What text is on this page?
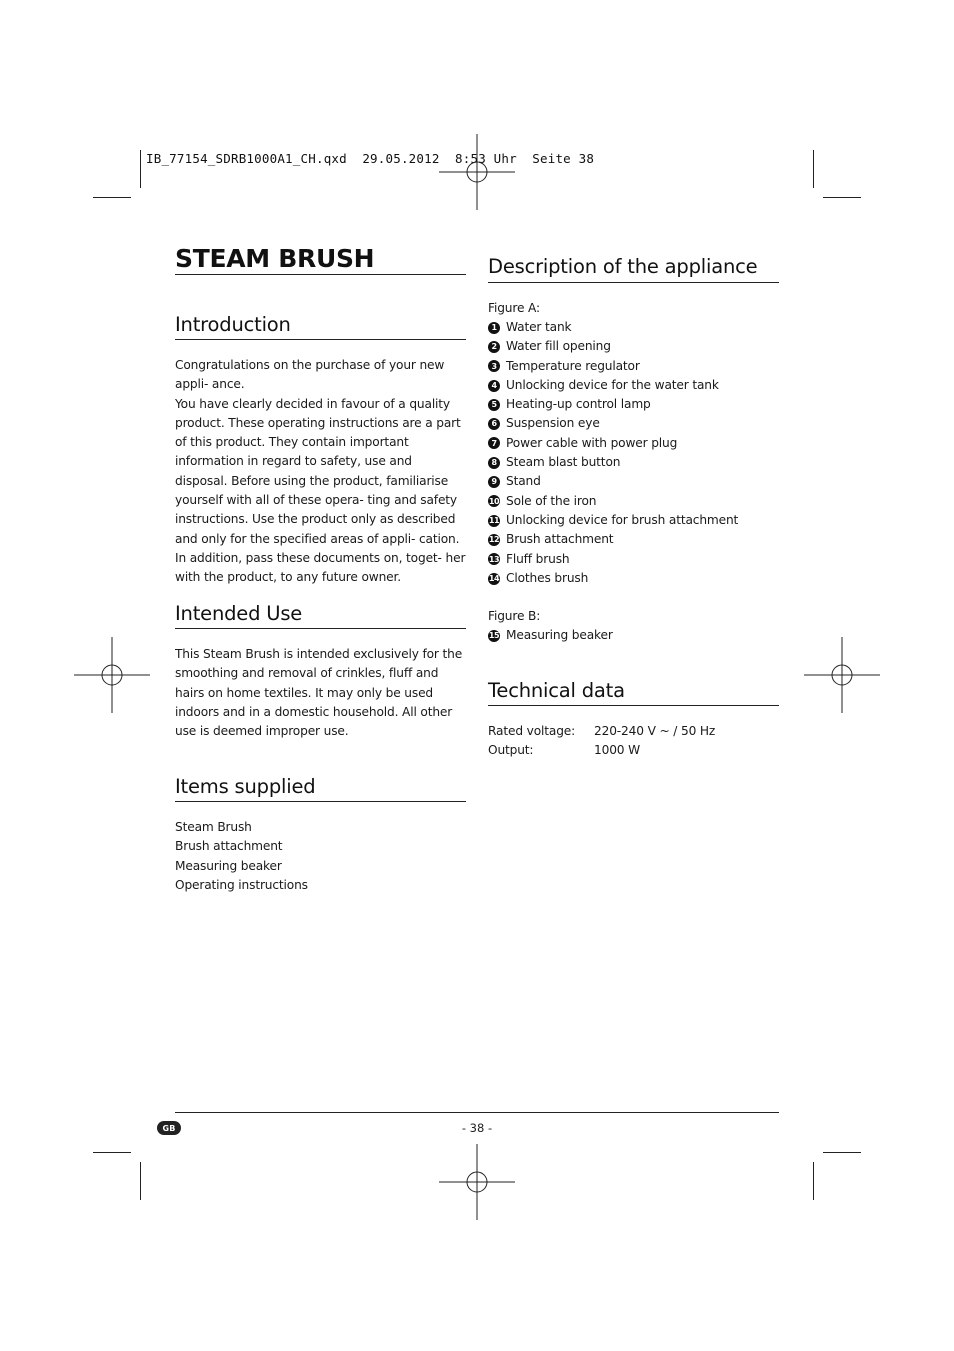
IB_77154_SDRB1000A1_CH.qxd  29.05.2012  8:53 Uhr  Seite 38
STEAM BRUSH
Introduction

Congratulations on the purchase of your new appli- ance.

You have clearly decided in favour of a quality product. These operating instructions are a part of this product. They contain important information in regard to safety, use and disposal. Before using the product, familiarise yourself with all of these opera- ting and safety instructions. Use the product only as described and only for the specified areas of appli- cation. In addition, pass these documents on, toget- her with the product, to any future owner.

Intended Use
This Steam Brush is intended exclusively for the smoothing and removal of crinkles, fluff and hairs on home textiles. It may only be used indoors and in a domestic household. All other use is deemed improper use.
Items supplied
Steam Brush
Brush attachment
Measuring beaker
Operating instructions
Description of the appliance
Figure A:
1 Water tank
2 Water fill opening
3 Temperature regulator
4 Unlocking device for the water tank
5 Heating-up control lamp
6 Suspension eye
7 Power cable with power plug
8 Steam blast button
9 Stand
10 Sole of the iron
11 Unlocking device for brush attachment
12 Brush attachment
13 Fluff brush
14 Clothes brush
Figure B:
15 Measuring beaker
Technical data
Rated voltage:	220-240 V ~ / 50 Hz
Output:	1000 W
GB	- 38 -
